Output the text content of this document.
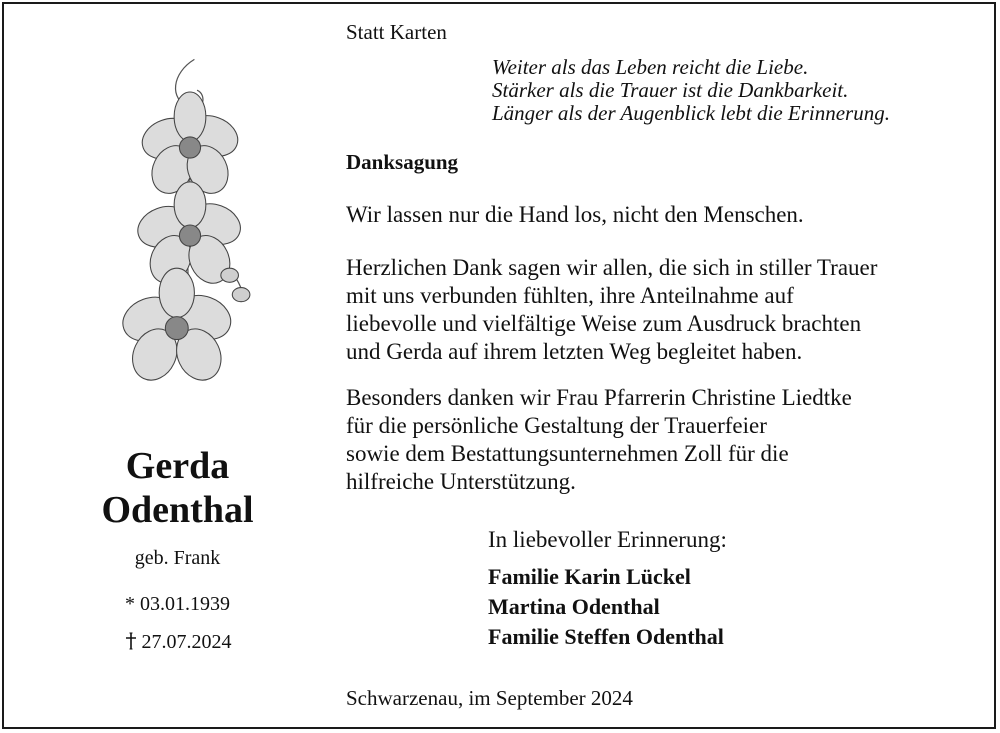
Gerda
Odenthal
geb. Frank
* 03.01.1939
27.07.2024
Statt Karten
Weiter als das Leben reicht die Liebe.
Stärker als die Trauer ist die Dankbarkeit.
Länger als der Augenblick lebt die Erinnerung.
Danksagung
Wir lassen nur die Hand los, nicht den Menschen.
Herzlichen Dank sagen wir allen, die sich in stiller Trauer
mit uns verbunden fühlten, ihre Anteilnahme auf
liebevolle und vielfältige Weise zum Ausdruck brachten
und Gerda auf ihrem letzten Weg begleitet haben.
Besonders danken wir Frau Pfarrerin Christine Liedtke
für die persönliche Gestaltung der Trauerfeier
sowie dem Bestattungsunternehmen Zoll für die
hilfreiche Unterstützung.
In liebevoller Erinnerung:
Familie Karin Lückel
Martina Odenthal
Familie Steffen Odenthal
Schwarzenau, im September 2024
